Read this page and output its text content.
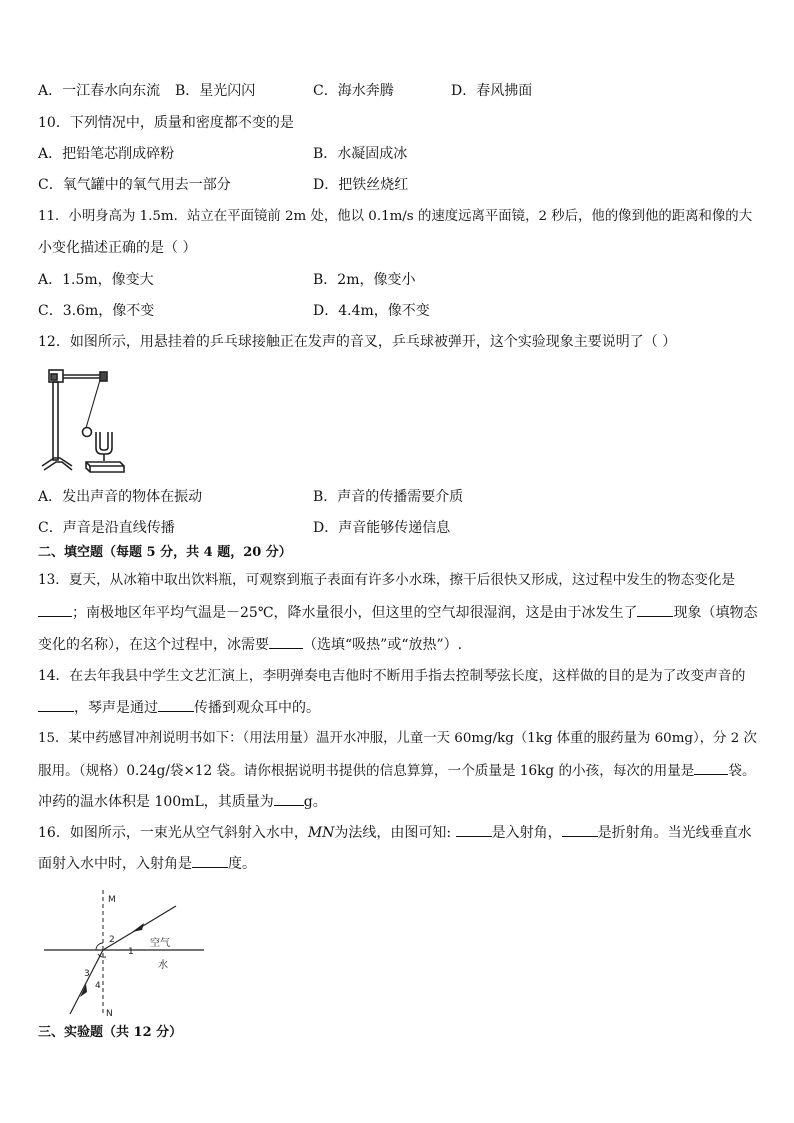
A．一江春水向东流 B．星光闪闪	C．海水奔腾	D．春风拂面
10．下列情况中，质量和密度都不变的是
A．把铅笔芯削成碎粉	B．水凝固成冰
C．氧气罐中的氧气用去一部分	D．把铁丝烧红
11．小明身高为 1.5m．站立在平面镜前 2m 处，他以 0.1m/s 的速度远离平面镜，2 秒后，他的像到他的距离和像的大
小变化描述正确的是（ ）
A．1.5m，像变大	B．2m，像变小
C．3.6m，像不变	D．4.4m，像不变
12．如图所示，用悬挂着的乒乓球接触正在发声的音叉，乒乓球被弹开，这个实验现象主要说明了（ ）
A．发出声音的物体在振动	B．声音的传播需要介质
C．声音是沿直线传播	D．声音能够传递信息
二、填空题（每题 5 分，共 4 题，20 分）
13．夏天，从冰箱中取出饮料瓶，可观察到瓶子表面有许多小水珠，擦干后很快又形成，这过程中发生的物态变化是
；南极地区年平均气温是－25℃，降水量很小，但这里的空气却很湿润，这是由于冰发生了	现象（填物态
变化的名称），在这个过程中，冰需要 （选填“吸热”或“放热”）.
14．在去年我县中学生文艺汇演上，李明弹奏电吉他时不断用手指去控制琴弦长度，这样做的目的是为了改变声音的
，琴声是通过	传播到观众耳中的。
15．某中药感冒冲剂说明书如下：（用法用量）温开水冲服，儿童一天 60mg/kg（1kg 体重的服药量为 60mg），分 2 次
服用。（规格）0.24g/袋×12 袋。请你根据说明书提供的信息算算，一个质量是 16kg 的小孩，每次的用量是	袋。
冲药的温水体积是 100mL，其质量为 g。
16．如图所示，一束光从空气斜射入水中，MN为法线，由图可知:	是入射角，	是折射角。当光线垂直水
面射入水中时，入射角是	度。
M
N
空气
水
1
2
3
4
三、实验题（共 12 分）
